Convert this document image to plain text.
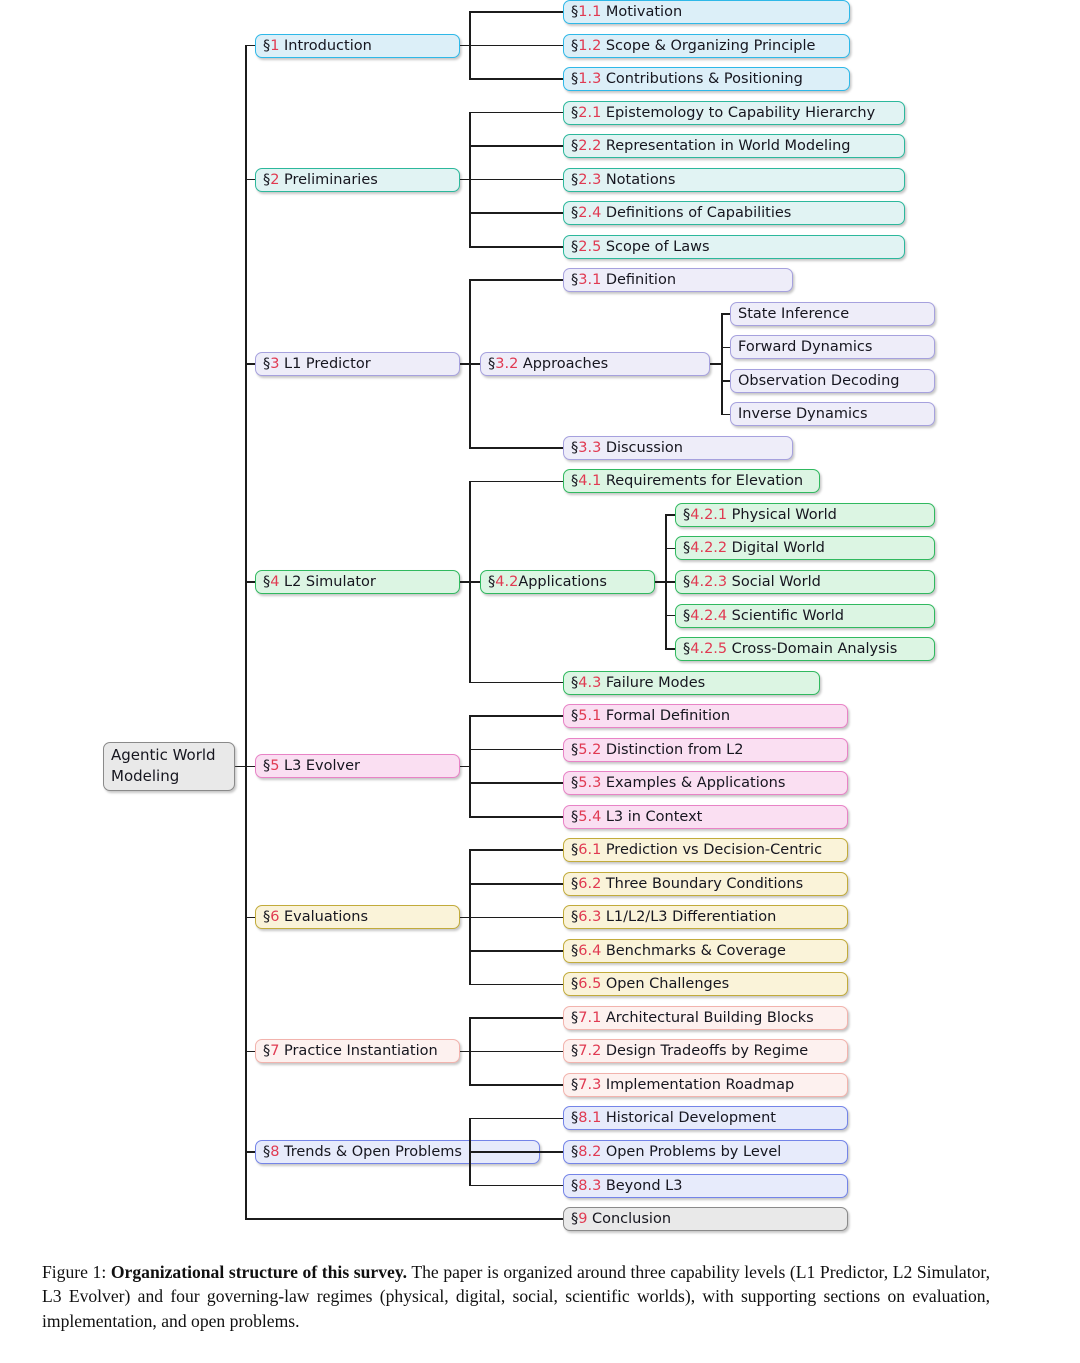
Agentic World Modeling
§ 1 Introduction
§ 1.1 Motivation
§ 1.2 Scope & Organizing Principle
§ 1.3 Contributions & Positioning
§ 2 Preliminaries
§ 2.1 Epistemology to Capability Hierarchy
§ 2.2 Representation in World Modeling
§ 2.3 Notations
§ 2.4 Definitions of Capabilities
§ 2.5 Scope of Laws
§ 3 L1 Predictor
§ 3.1 Definition
§ 3.2 Approaches
State Inference
Forward Dynamics
Observation Decoding
Inverse Dynamics
§ 3.3 Discussion
§ 4 L2 Simulator
§ 4.1 Requirements for Elevation
§ 4.2 Applications
§ 4.2.1 Physical World
§ 4.2.2 Digital World
§ 4.2.3 Social World
§ 4.2.4 Scientific World
§ 4.2.5 Cross-Domain Analysis
§ 4.3 Failure Modes
§ 5 L3 Evolver
§ 5.1 Formal Definition
§ 5.2 Distinction from L2
§ 5.3 Examples & Applications
§ 5.4 L3 in Context
§ 6 Evaluations
§ 6.1 Prediction vs Decision-Centric
§ 6.2 Three Boundary Conditions
§ 6.3 L1/L2/L3 Differentiation
§ 6.4 Benchmarks & Coverage
§ 6.5 Open Challenges
§ 7 Practice Instantiation
§ 7.1 Architectural Building Blocks
§ 7.2 Design Tradeoffs by Regime
§ 7.3 Implementation Roadmap
§ 8 Trends & Open Problems
§ 8.1 Historical Development
§ 8.2 Open Problems by Level
§ 8.3 Beyond L3
§ 9 Conclusion
Figure 1: Organizational structure of this survey. The paper is organized around three capability levels (L1 Predictor, L2 Simulator, L3 Evolver) and four governing-law regimes (physical, digital, social, scientific worlds), with supporting sections on evaluation, implementation, and open problems.
